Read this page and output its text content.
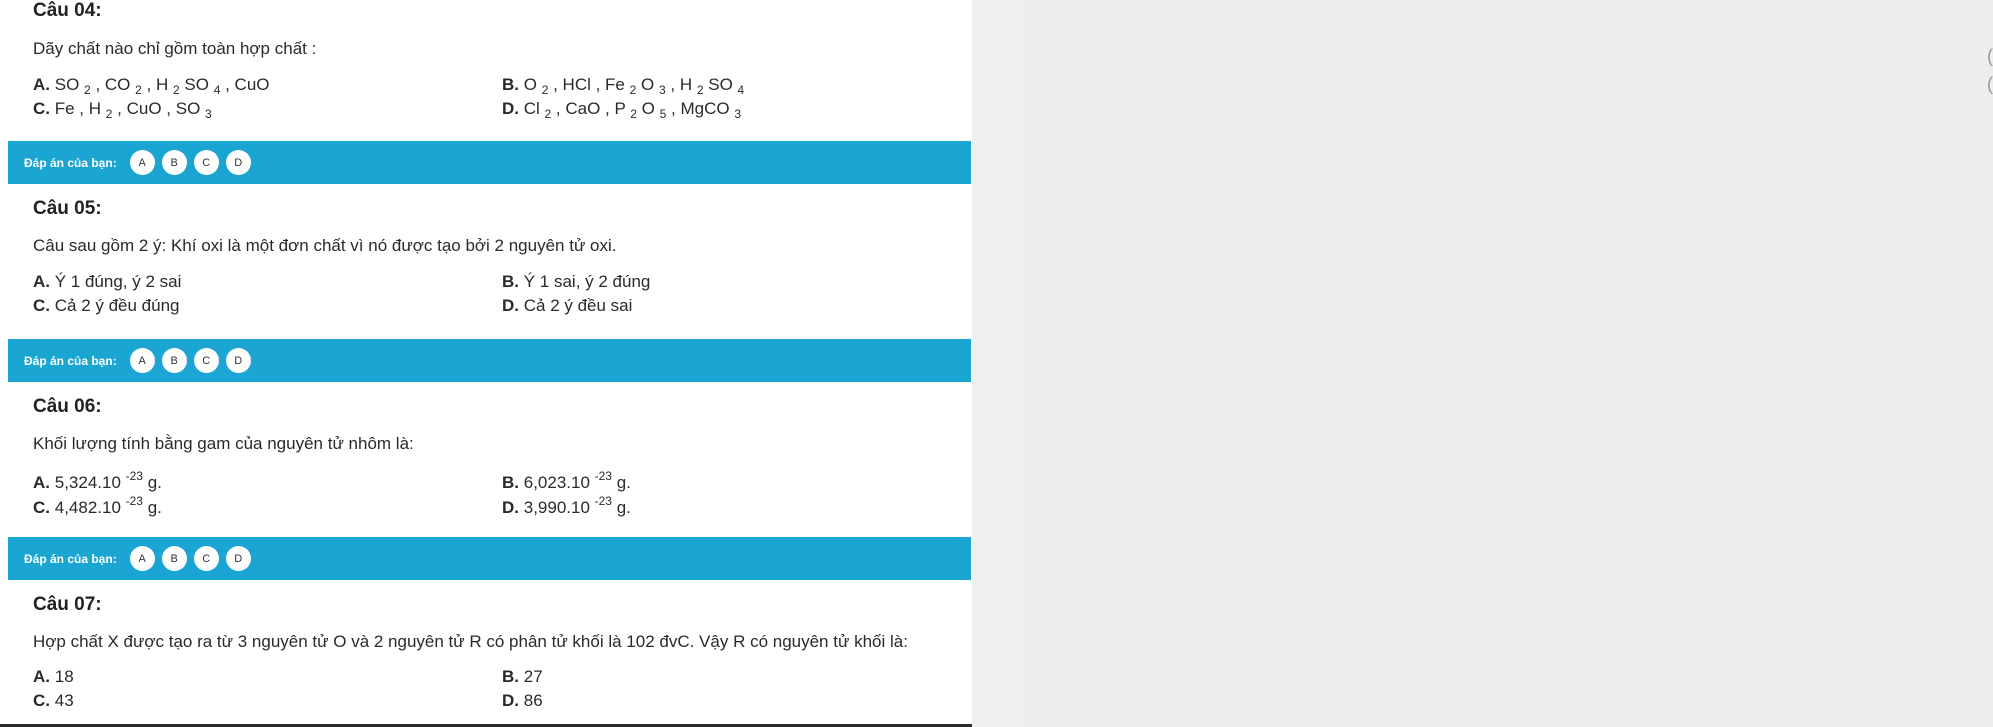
Câu 04:
Dãy chất nào chỉ gồm toàn hợp chất :
A. SO $_2$ , CO $_2$ , H $_2$ SO $_4$ , CuO	B. O $_2$ , HCl , Fe $_2$ O $_3$ , H $_2$ SO $_4$
C. Fe , H $_2$ , CuO , SO $_3$	D. Cl $_2$ , CaO , P $_2$ O $_5$ , MgCO $_3$
Đáp án của bạn:	A	B	C	D
Câu 05:
Câu sau gồm 2 ý: Khí oxi là một đơn chất vì nó được tạo bởi 2 nguyên tử oxi.
A. Ý 1 đúng, ý 2 sai	B. Ý 1 sai, ý 2 đúng
C. Cả 2 ý đều đúng	D. Cả 2 ý đều sai
Đáp án của bạn:	A	B	C	D
Câu 06:
Khối lượng tính bằng gam của nguyên tử nhôm là:
A. 5,324.10 $^{-23}$ g.	B. 6,023.10 $^{-23}$ g.
C. 4,482.10 $^{-23}$ g.	D. 3,990.10 $^{-23}$ g.
Đáp án của bạn:	A	B	C	D
Câu 07:
Hợp chất X được tạo ra từ 3 nguyên tử O và 2 nguyên tử R có phân tử khối là 102 đvC. Vậy R có nguyên tử khối là:
A. 18	B. 27
C. 43	D. 86
(
(
